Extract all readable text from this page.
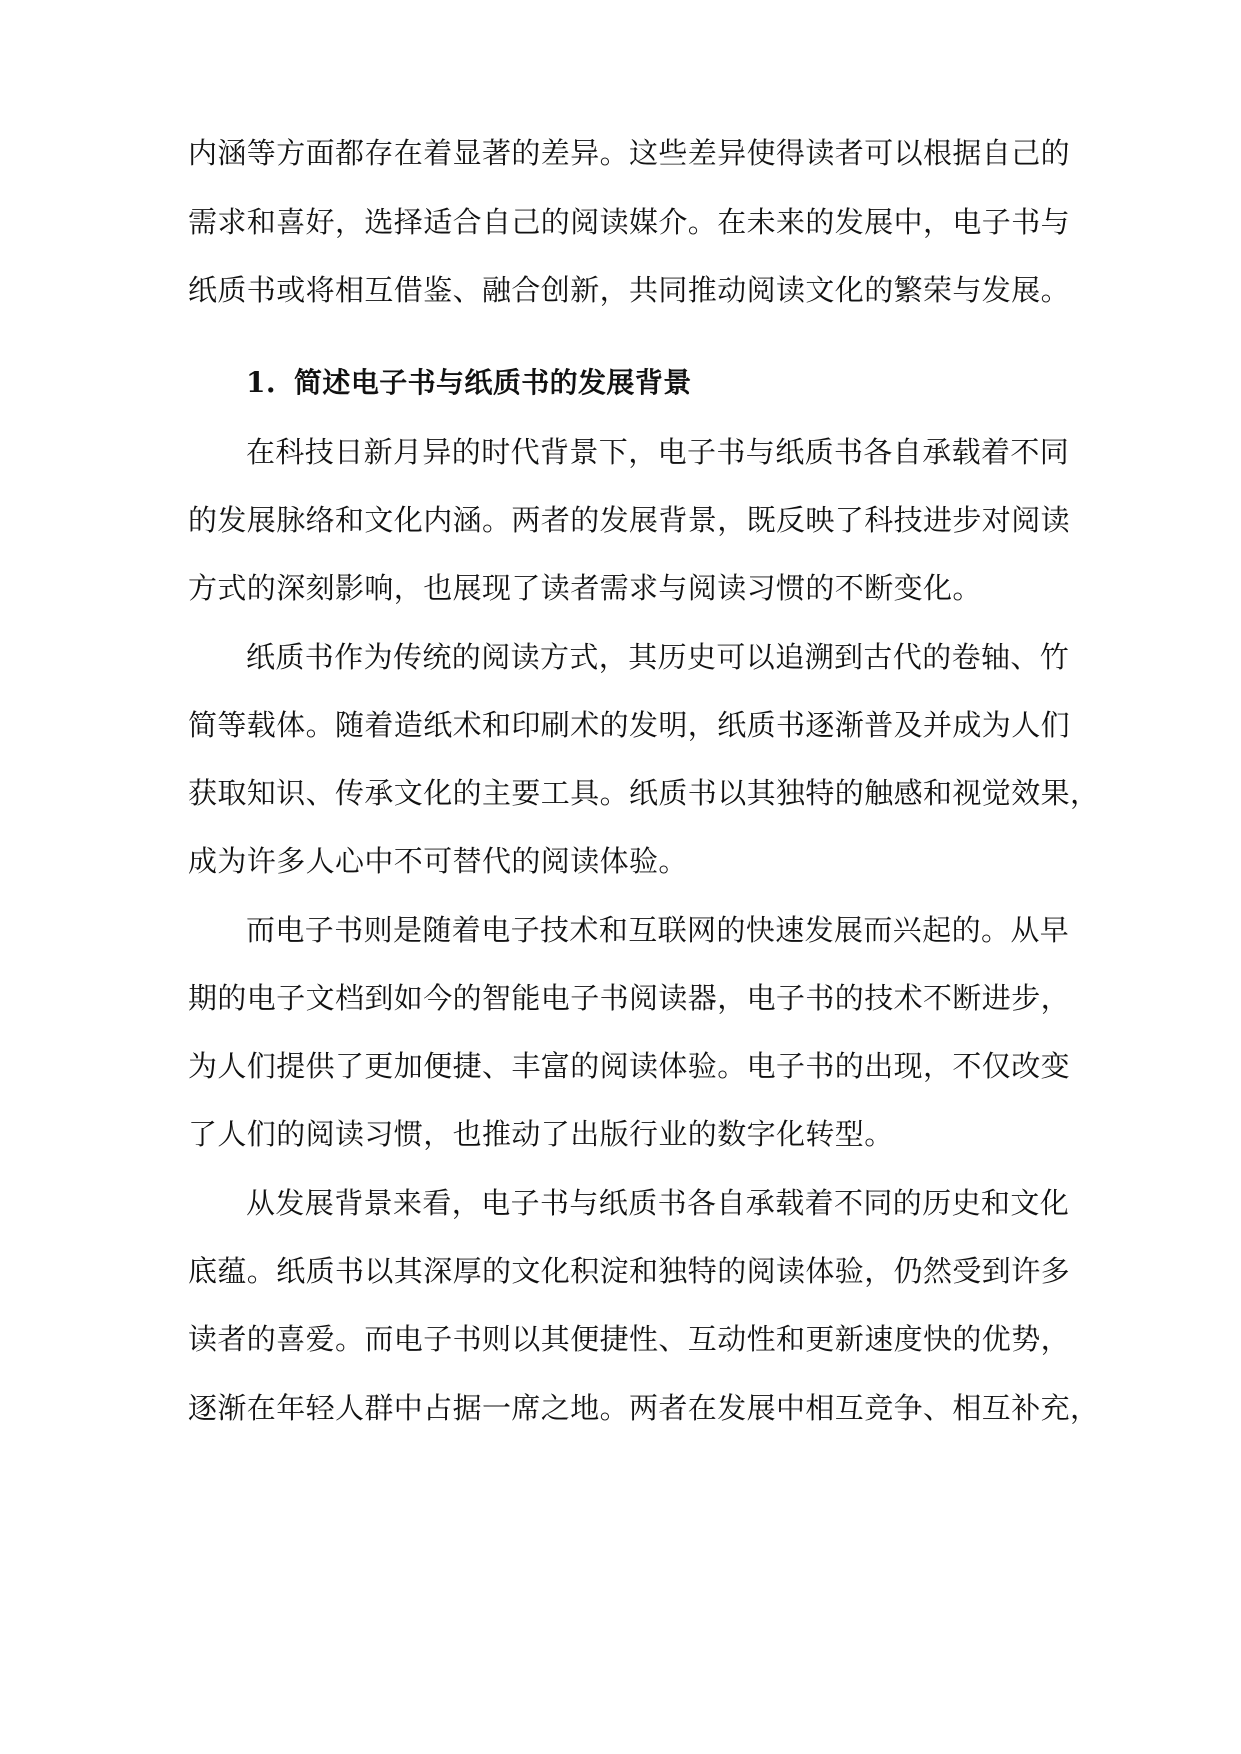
内涵等方面都存在着显著的差异。这些差异使得读者可以根据自己的
需求和喜好，选择适合自己的阅读媒介。在未来的发展中，电子书与
纸质书或将相互借鉴、融合创新，共同推动阅读文化的繁荣与发展。
1. 简述电子书与纸质书的发展背景
在科技日新月异的时代背景下，电子书与纸质书各自承载着不同
的发展脉络和文化内涵。两者的发展背景，既反映了科技进步对阅读
方式的深刻影响，也展现了读者需求与阅读习惯的不断变化。
纸质书作为传统的阅读方式，其历史可以追溯到古代的卷轴、竹
简等载体。随着造纸术和印刷术的发明，纸质书逐渐普及并成为人们
获取知识、传承文化的主要工具。纸质书以其独特的触感和视觉效果，
成为许多人心中不可替代的阅读体验。
而电子书则是随着电子技术和互联网的快速发展而兴起的。从早
期的电子文档到如今的智能电子书阅读器，电子书的技术不断进步，
为人们提供了更加便捷、丰富的阅读体验。电子书的出现，不仅改变
了人们的阅读习惯，也推动了出版行业的数字化转型。
从发展背景来看，电子书与纸质书各自承载着不同的历史和文化
底蕴。纸质书以其深厚的文化积淀和独特的阅读体验，仍然受到许多
读者的喜爱。而电子书则以其便捷性、互动性和更新速度快的优势，
逐渐在年轻人群中占据一席之地。两者在发展中相互竞争、相互补充，
